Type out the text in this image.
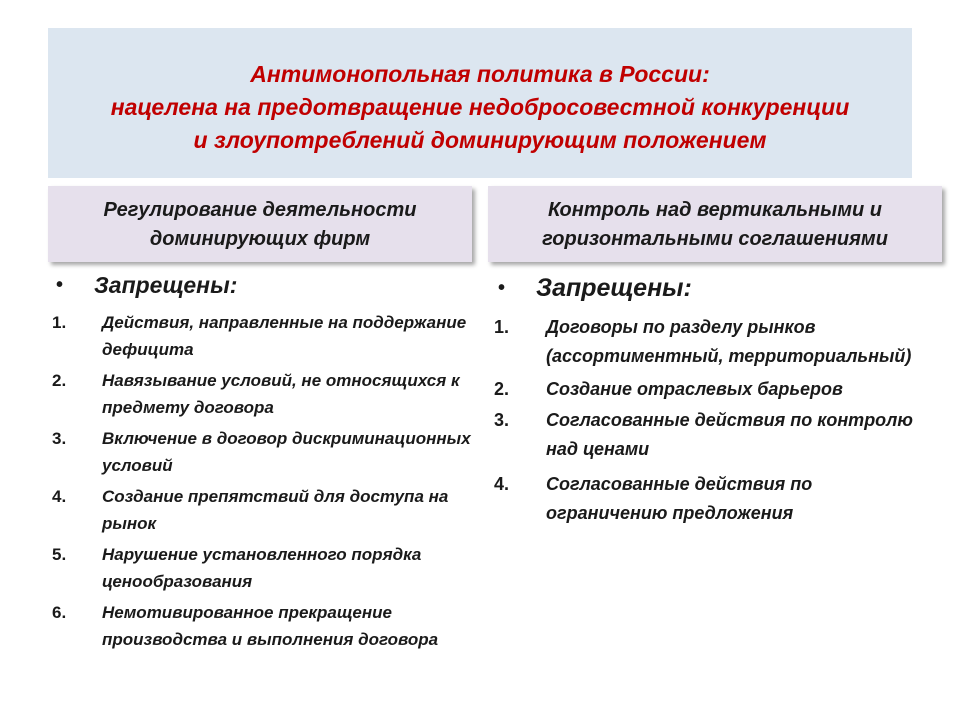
Антимонопольная политика в России:
нацелена на предотвращение недобросовестной конкуренции
и злоупотреблений доминирующим положением
Регулирование деятельности
доминирующих фирм
Контроль над вертикальными и
горизонтальными соглашениями
•	Запрещены:
1.	Действия, направленные на поддержание дефицита
2.	Навязывание условий, не относящихся к предмету договора
3.	Включение в договор дискриминационных условий
4.	Создание препятствий для доступа на рынок
5.	Нарушение установленного порядка ценообразования
6.	Немотивированное прекращение производства и выполнения договора
•	Запрещены:
1.	Договоры по разделу рынков (ассортиментный, территориальный)
2.	Создание отраслевых барьеров
3.	Согласованные действия по контролю над ценами
4.	Согласованные действия по ограничению предложения
